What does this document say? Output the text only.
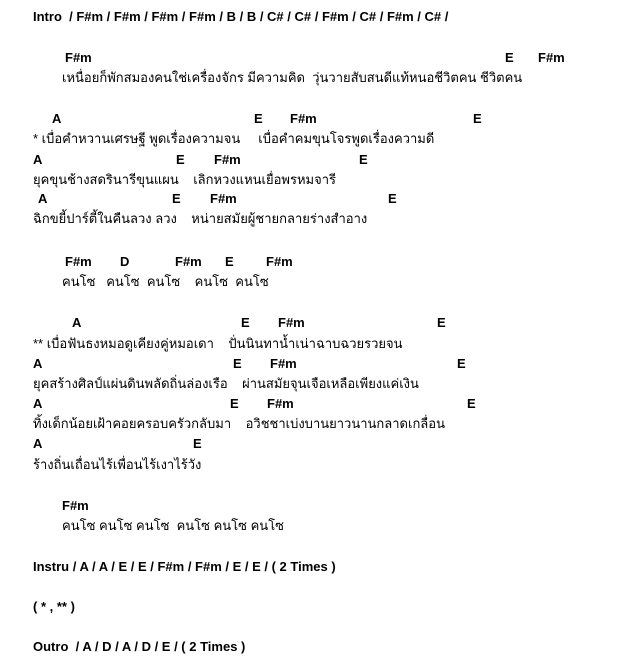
Intro  / F#m / F#m / F#m / F#m / B / B / C# / C# / F#m / C# / F#m / C# /
F#m	E F#m
เหนื่อยก็พักสมองคนใช่เครื่องจักร มีความคิด  วุ่นวายสับสนดีแท้หนอชีวิตคน ชีวิตคน
A	E F#m	E
* เบื่อคำหวานเศรษฐี พูดเรื่องความจน     เบื่อคำคมขุนโจรพูดเรื่องความดี
A	E F#m	E
ยุคขุนช้างสดรินารีขุนแผน    เลิกหวงแหนเยื่อพรหมจารี
A	E F#m	E
ฉิกขยี้ปาร์ตี้ในคืนลวง ลวง    หน่ายสมัยผู้ชายกลายร่างสำอาง
F#m D	F#m E F#m
คนโซ   คนโซ  คนโซ    คนโซ  คนโซ
A	E F#m	E
** เบื่อฟันธงหมอดูเคียงคู่หมอเดา    ปั่นนินทาน้ำเน่าฉาบฉวยรวยจน
A	E F#m	E
ยุคสร้างศิลป์แผ่นดินพลัดถิ่นล่องเรือ    ผ่านสมัยจุนเจือเหลือเพียงแค่เงิน
A	E F#m	E
ทิ้งเด็กน้อยเฝ้าคอยครอบครัวกลับมา    อวิชชาเบ่งบานยาวนานกลาดเกลื่อน
A	E
ร้างถิ่นเถื่อนไร้เพื่อนไร้เงาไร้วัง
F#m
คนโซ คนโซ คนโซ  คนโซ คนโซ คนโซ
Instru / A / A / E / E / F#m / F#m / E / E / ( 2 Times )
( * , ** )
Outro  / A / D / A / D / E / ( 2 Times )
